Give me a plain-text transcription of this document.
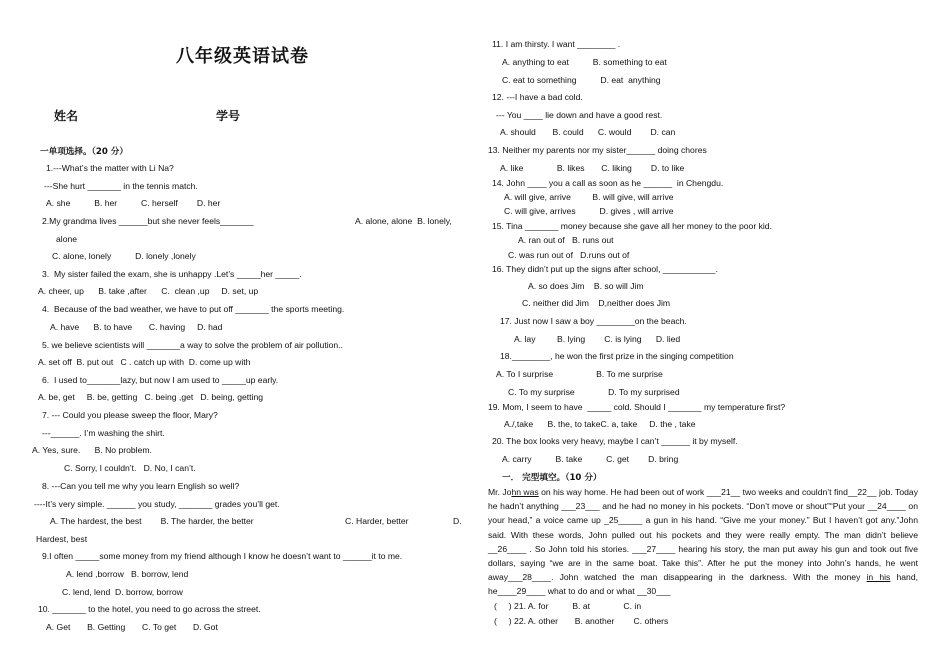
八年级英语试卷
姓名	学号
一单项选择。（20 分）
1.---What’s the matter with Li Na?
---She hurt _______ in the tennis match.
A. she          B. her          C. herself        D. her
2.My grandma lives ______but she never feels_______	A. alone, alone  B. lonely,
alone
C. alone, lonely          D. lonely ,lonely
3.  My sister failed the exam, she is unhappy .Let’s _____her _____.
A. cheer, up      B. take ,after      C.  clean ,up     D. set, up
4.  Because of the bad weather, we have to put off _______ the sports meeting.
A. have      B. to have       C. having     D. had
5. we believe scientists will _______a way to solve the problem of air pollution..
A. set off  B. put out   C . catch up with  D. come up with
6.  I used to_______lazy, but now I am used to _____up early.
A. be, get     B. be, getting   C. being ,get   D. being, getting
7. --- Could you please sweep the floor, Mary?
---______. I’m washing the shirt.
A. Yes, sure.      B. No problem.
C. Sorry, I couldn’t.   D. No, I can’t.
8. ---Can you tell me why you learn English so well?
----It’s very simple. ______ you study, _______ grades you’ll get.
A. The hardest, the best        B. The harder, the better	C. Harder, better	D.
Hardest, best
9.I often _____some money from my friend although I know he doesn’t want to ______it to me.
A. lend ,borrow   B. borrow, lend
C. lend, lend  D. borrow, borrow
10. _______ to the hotel, you need to go across the street.
A. Get       B. Getting       C. To get       D. Got
11. I am thirsty. I want ________ .
A. anything to eat          B. something to eat
C. eat to something          D. eat  anything
12. ---I have a bad cold.
--- You ____ lie down and have a good rest.
A. should       B. could      C. would        D. can
13. Neither my parents nor my sister______ doing chores
A. like              B. likes       C. liking        D. to like
14. John ____ you a call as soon as he ______  in Chengdu.
A. will give, arrive         B. will give, will arrive
C. will give, arrives          D. gives , will arrive
15. Tina _______ money because she gave all her money to the poor kid.
A. ran out of   B. runs out
C. was run out of   D.runs out of
16. They didn’t put up the signs after school, ___________.
A. so does Jim    B. so will Jim
C. neither did Jim    D,neither does Jim
17. Just now I saw a boy ________on the beach.
A. lay         B. lying        C. is lying      D. lied
18.________, he won the first prize in the singing competition
A. To I surprise                  B. To me surprise
C. To my surprise              D. To my surprised
19. Mom, I seem to have  _____ cold. Should I _______ my temperature first?
A./,take      B. the, to takeC. a, take     D. the , take
20. The box looks very heavy, maybe I can’t ______ it by myself.
A. carry          B. take          C. get        D. bring
一． 完型填空。（10 分）
Mr. John was on his way home. He had been out of work ___21__ two weeks and couldn’t find__22__ job. Today he hadn’t anything ___23___ and he had no money in his pockets. “Don’t move or shout”“Put your __24____ on your head,” a voice came up _25_____ a gun in his hand. “Give me your money.” But I haven’t got any.”John said. With these words, John pulled out his pockets and they were really empty. The man didn’t believe __26____ . So John told his stories. ___27____ hearing his story, the man put away his gun and took out five dollars, saying “we are in the same boat. Take this”. After he put the money into John’s hands, he went away___28____. John watched the man disappearing in the darkness. With the money in his hand, he____29____ what to do and or what __30___
(     ) 21. A. for          B. at              C. in
(     ) 22. A. other       B. another        C. others
